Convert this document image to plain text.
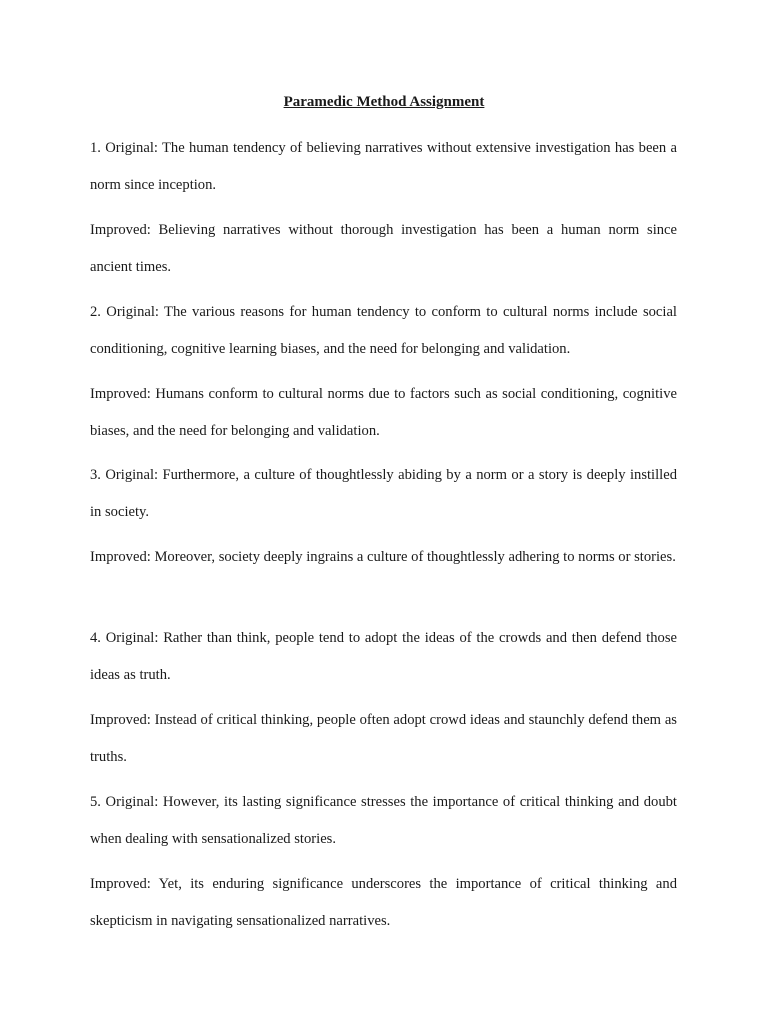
Paramedic Method Assignment

1. Original: The human tendency of believing narratives without extensive investigation has been a norm since inception.

Improved: Believing narratives without thorough investigation has been a human norm since ancient times.

2. Original: The various reasons for human tendency to conform to cultural norms include social conditioning, cognitive learning biases, and the need for belonging and validation.

Improved: Humans conform to cultural norms due to factors such as social conditioning, cognitive biases, and the need for belonging and validation.

3. Original: Furthermore, a culture of thoughtlessly abiding by a norm or a story is deeply instilled in society.

Improved: Moreover, society deeply ingrains a culture of thoughtlessly adhering to norms or stories.

4. Original: Rather than think, people tend to adopt the ideas of the crowds and then defend those ideas as truth.

Improved: Instead of critical thinking, people often adopt crowd ideas and staunchly defend them as truths.

5. Original: However, its lasting significance stresses the importance of critical thinking and doubt when dealing with sensationalized stories.

Improved: Yet, its enduring significance underscores the importance of critical thinking and skepticism in navigating sensationalized narratives.
